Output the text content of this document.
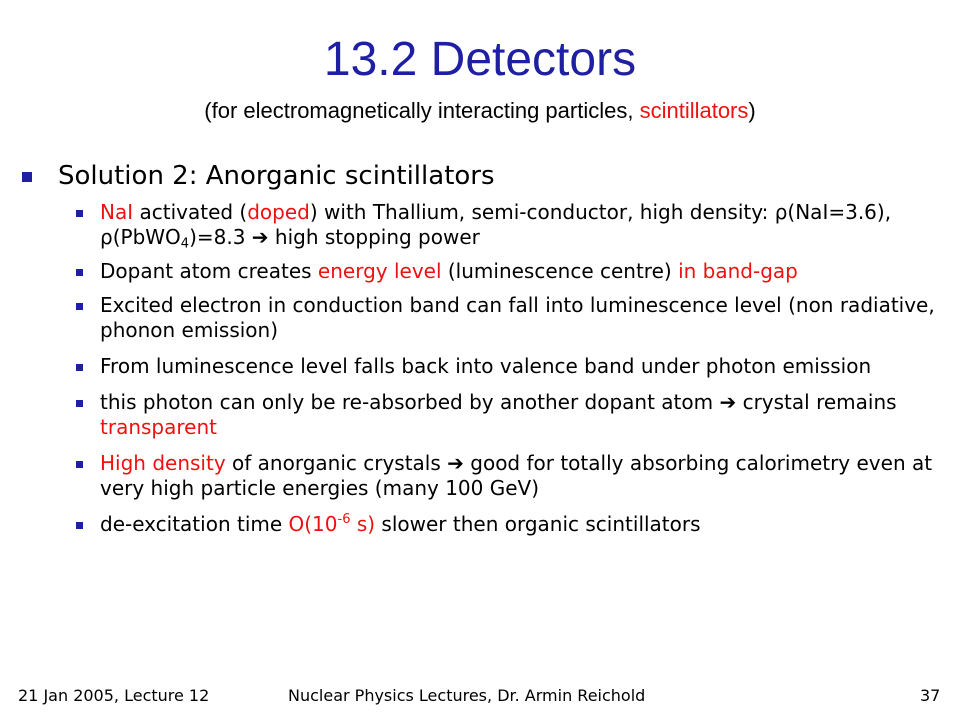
13.2 Detectors
(for electromagnetically interacting particles, scintillators)
Solution 2: Anorganic scintillators
NaI activated (doped) with Thallium, semi-conductor, high density: ρ(NaI=3.6), ρ(PbWO$_4$)=8.3 ➔ high stopping power
Dopant atom creates energy level (luminescence centre) in band-gap
Excited electron in conduction band can fall into luminescence level (non radiative, phonon emission)
From luminescence level falls back into valence band under photon emission
this photon can only be re-absorbed by another dopant atom ➔ crystal remains transparent
High density of anorganic crystals ➔ good for totally absorbing calorimetry even at very high particle energies (many 100 GeV)
de-excitation time $O(10^{-6}$ s) slower then organic scintillators
21 Jan 2005, Lecture 12	Nuclear Physics Lectures, Dr. Armin Reichold	37
